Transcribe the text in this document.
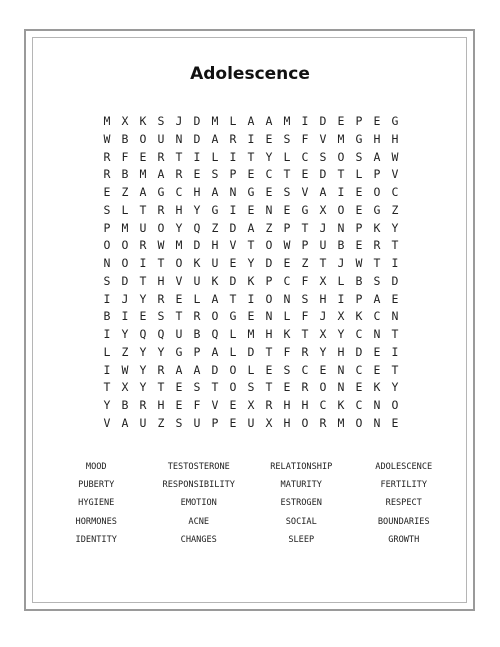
Adolescence
M X K S J D M L A A M I D E P E G
W B O U N D A R I E S F V M G H H
R F E R T I L I T Y L C S O S A W
R B M A R E S P E C T E D T L P V
E Z A G C H A N G E S V A I E O C
S L T R H Y G I E N E G X O E G Z
P M U O Y Q Z D A Z P T J N P K Y
O O R W M D H V T O W P U B E R T
N O I T O K U E Y D E Z T J W T I
S D T H V U K D K P C F X L B S D
I J Y R E L A T I O N S H I P A E
B I E S T R O G E N L F J X K C N
I Y Q Q U B Q L M H K T X Y C N T
L Z Y Y G P A L D T F R Y H D E I
I W Y R A A D O L E S C E N C E T
T X Y T E S T O S T E R O N E K Y
Y B R H E F V E X R H H C K C N O
V A U Z S U P E U X H O R M O N E
MOOD	TESTOSTERONE	RELATIONSHIP	ADOLESCENCE
PUBERTY	RESPONSIBILITY	MATURITY	FERTILITY
HYGIENE	EMOTION	ESTROGEN	RESPECT
HORMONES	ACNE	SOCIAL	BOUNDARIES
IDENTITY	CHANGES	SLEEP	GROWTH
